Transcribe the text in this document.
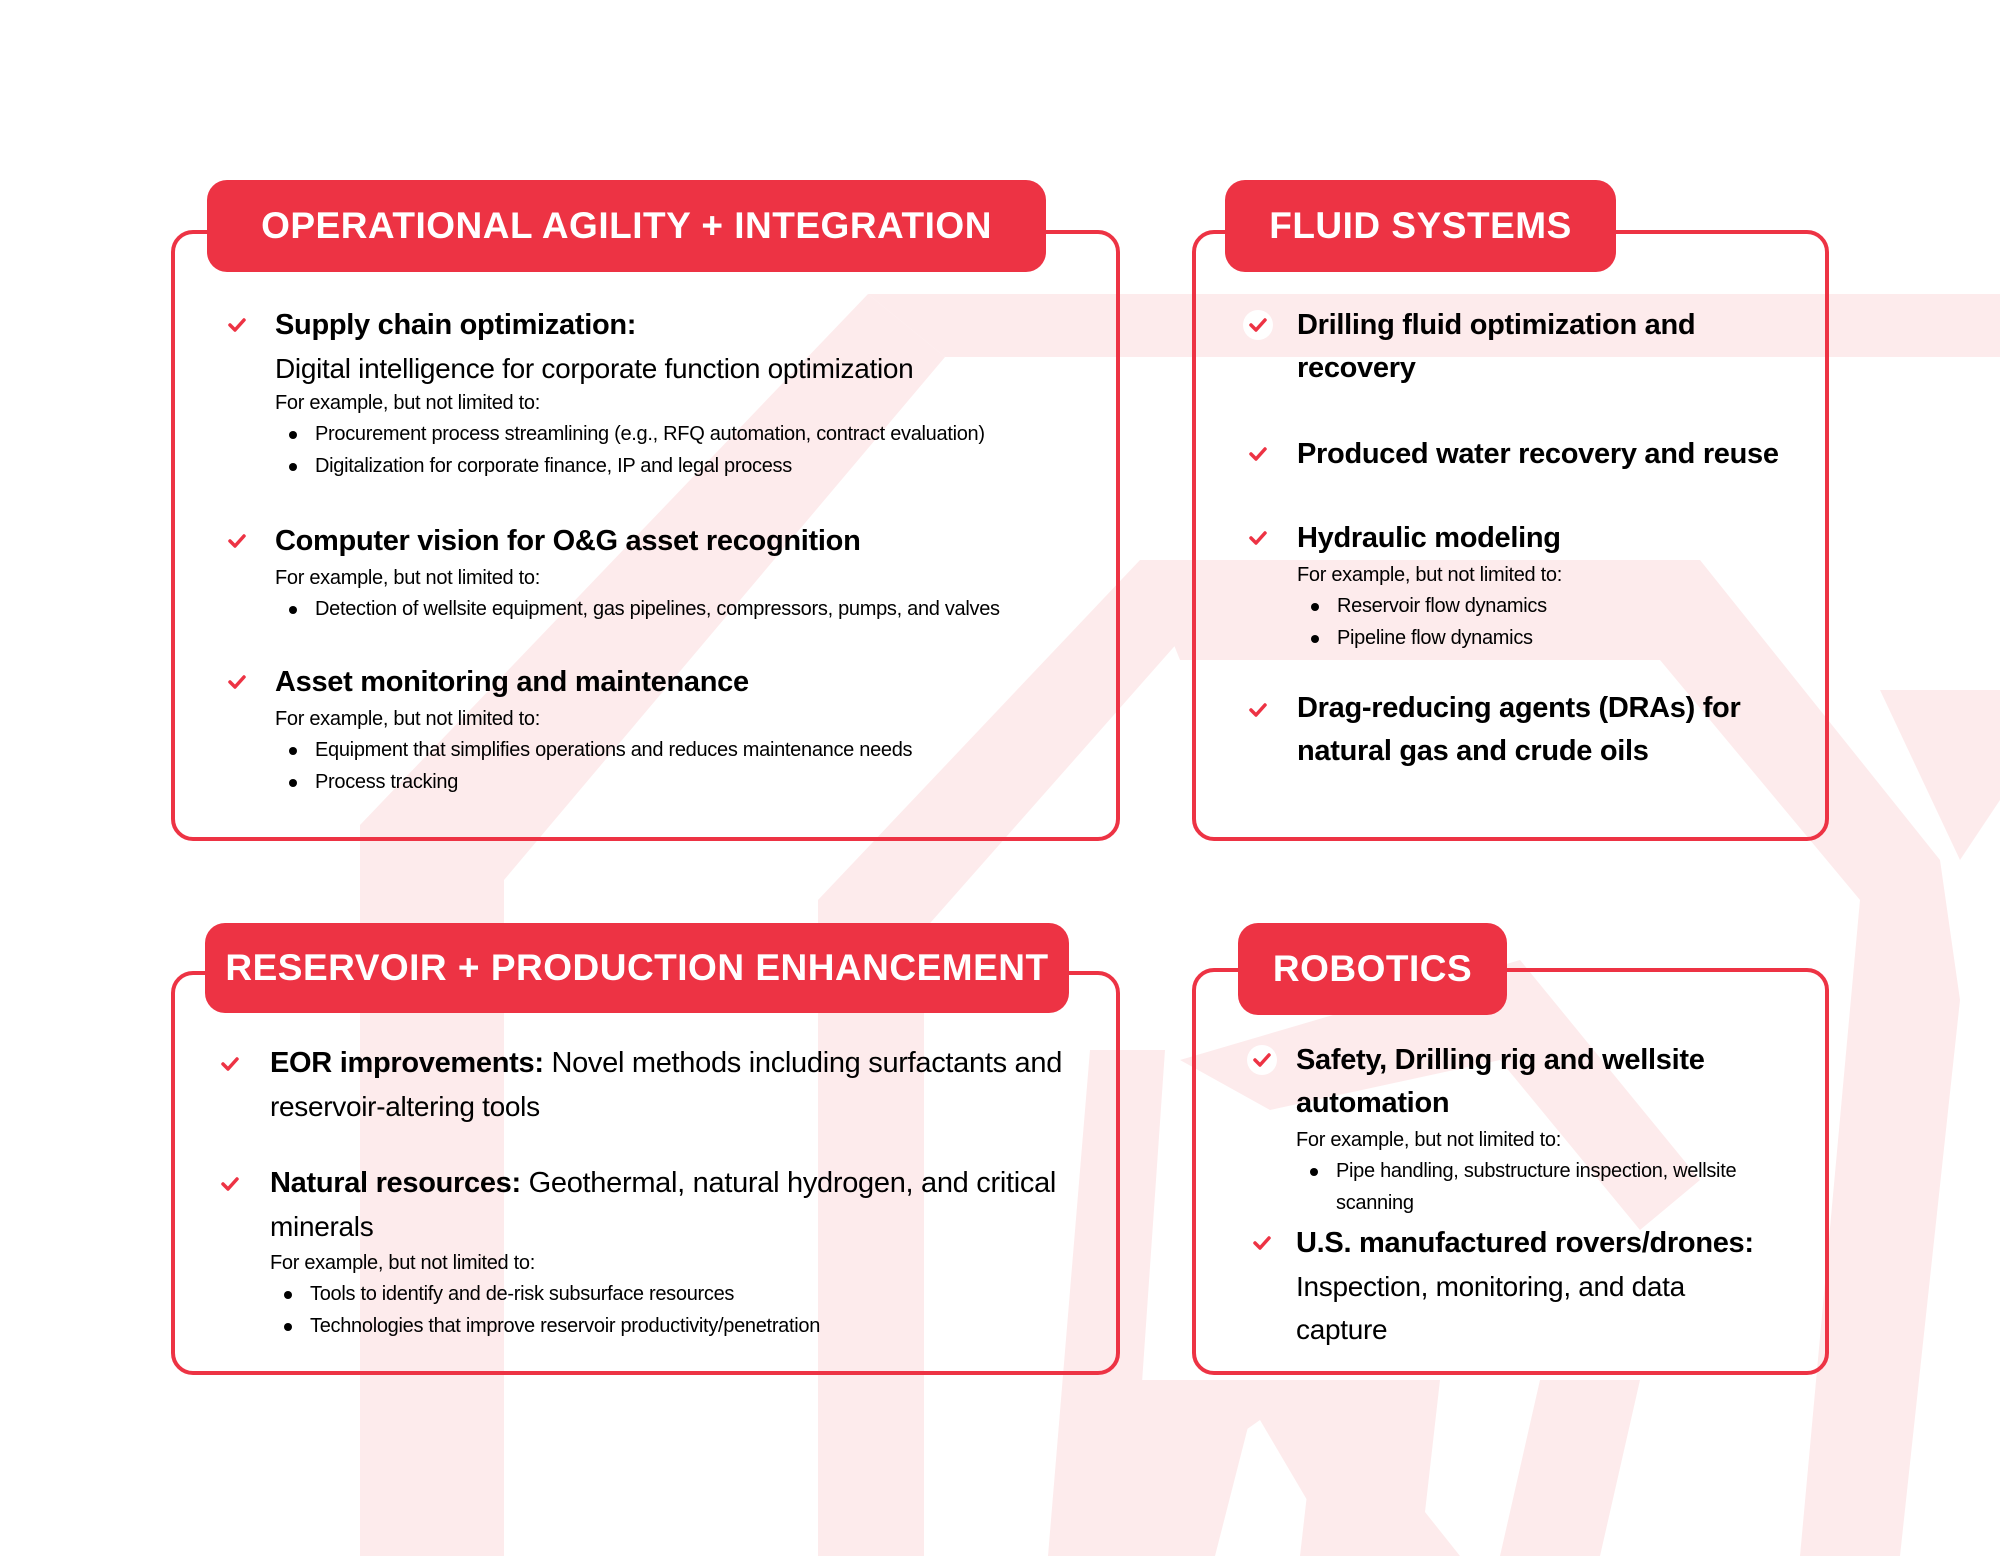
OPERATIONAL AGILITY + INTEGRATION
Supply chain optimization:
Digital intelligence for corporate function optimization
For example, but not limited to:
Procurement process streamlining (e.g., RFQ automation, contract evaluation)
Digitalization for corporate finance, IP and legal process
Computer vision for O&G asset recognition
For example, but not limited to:
Detection of wellsite equipment, gas pipelines, compressors, pumps, and valves
Asset monitoring and maintenance
For example, but not limited to:
Equipment that simplifies operations and reduces maintenance needs
Process tracking
FLUID SYSTEMS
Drilling fluid optimization and
recovery
Produced water recovery and reuse
Hydraulic modeling
For example, but not limited to:
Reservoir flow dynamics
Pipeline flow dynamics
Drag-reducing agents (DRAs) for
natural gas and crude oils
RESERVOIR + PRODUCTION ENHANCEMENT
EOR improvements: Novel methods including surfactants and
reservoir-altering tools
Natural resources: Geothermal, natural hydrogen, and critical
minerals
For example, but not limited to:
Tools to identify and de-risk subsurface resources
Technologies that improve reservoir productivity/penetration
ROBOTICS
Safety, Drilling rig and wellsite
automation
For example, but not limited to:
Pipe handling, substructure inspection, wellsite
scanning
U.S. manufactured rovers/drones:
Inspection, monitoring, and data
capture
